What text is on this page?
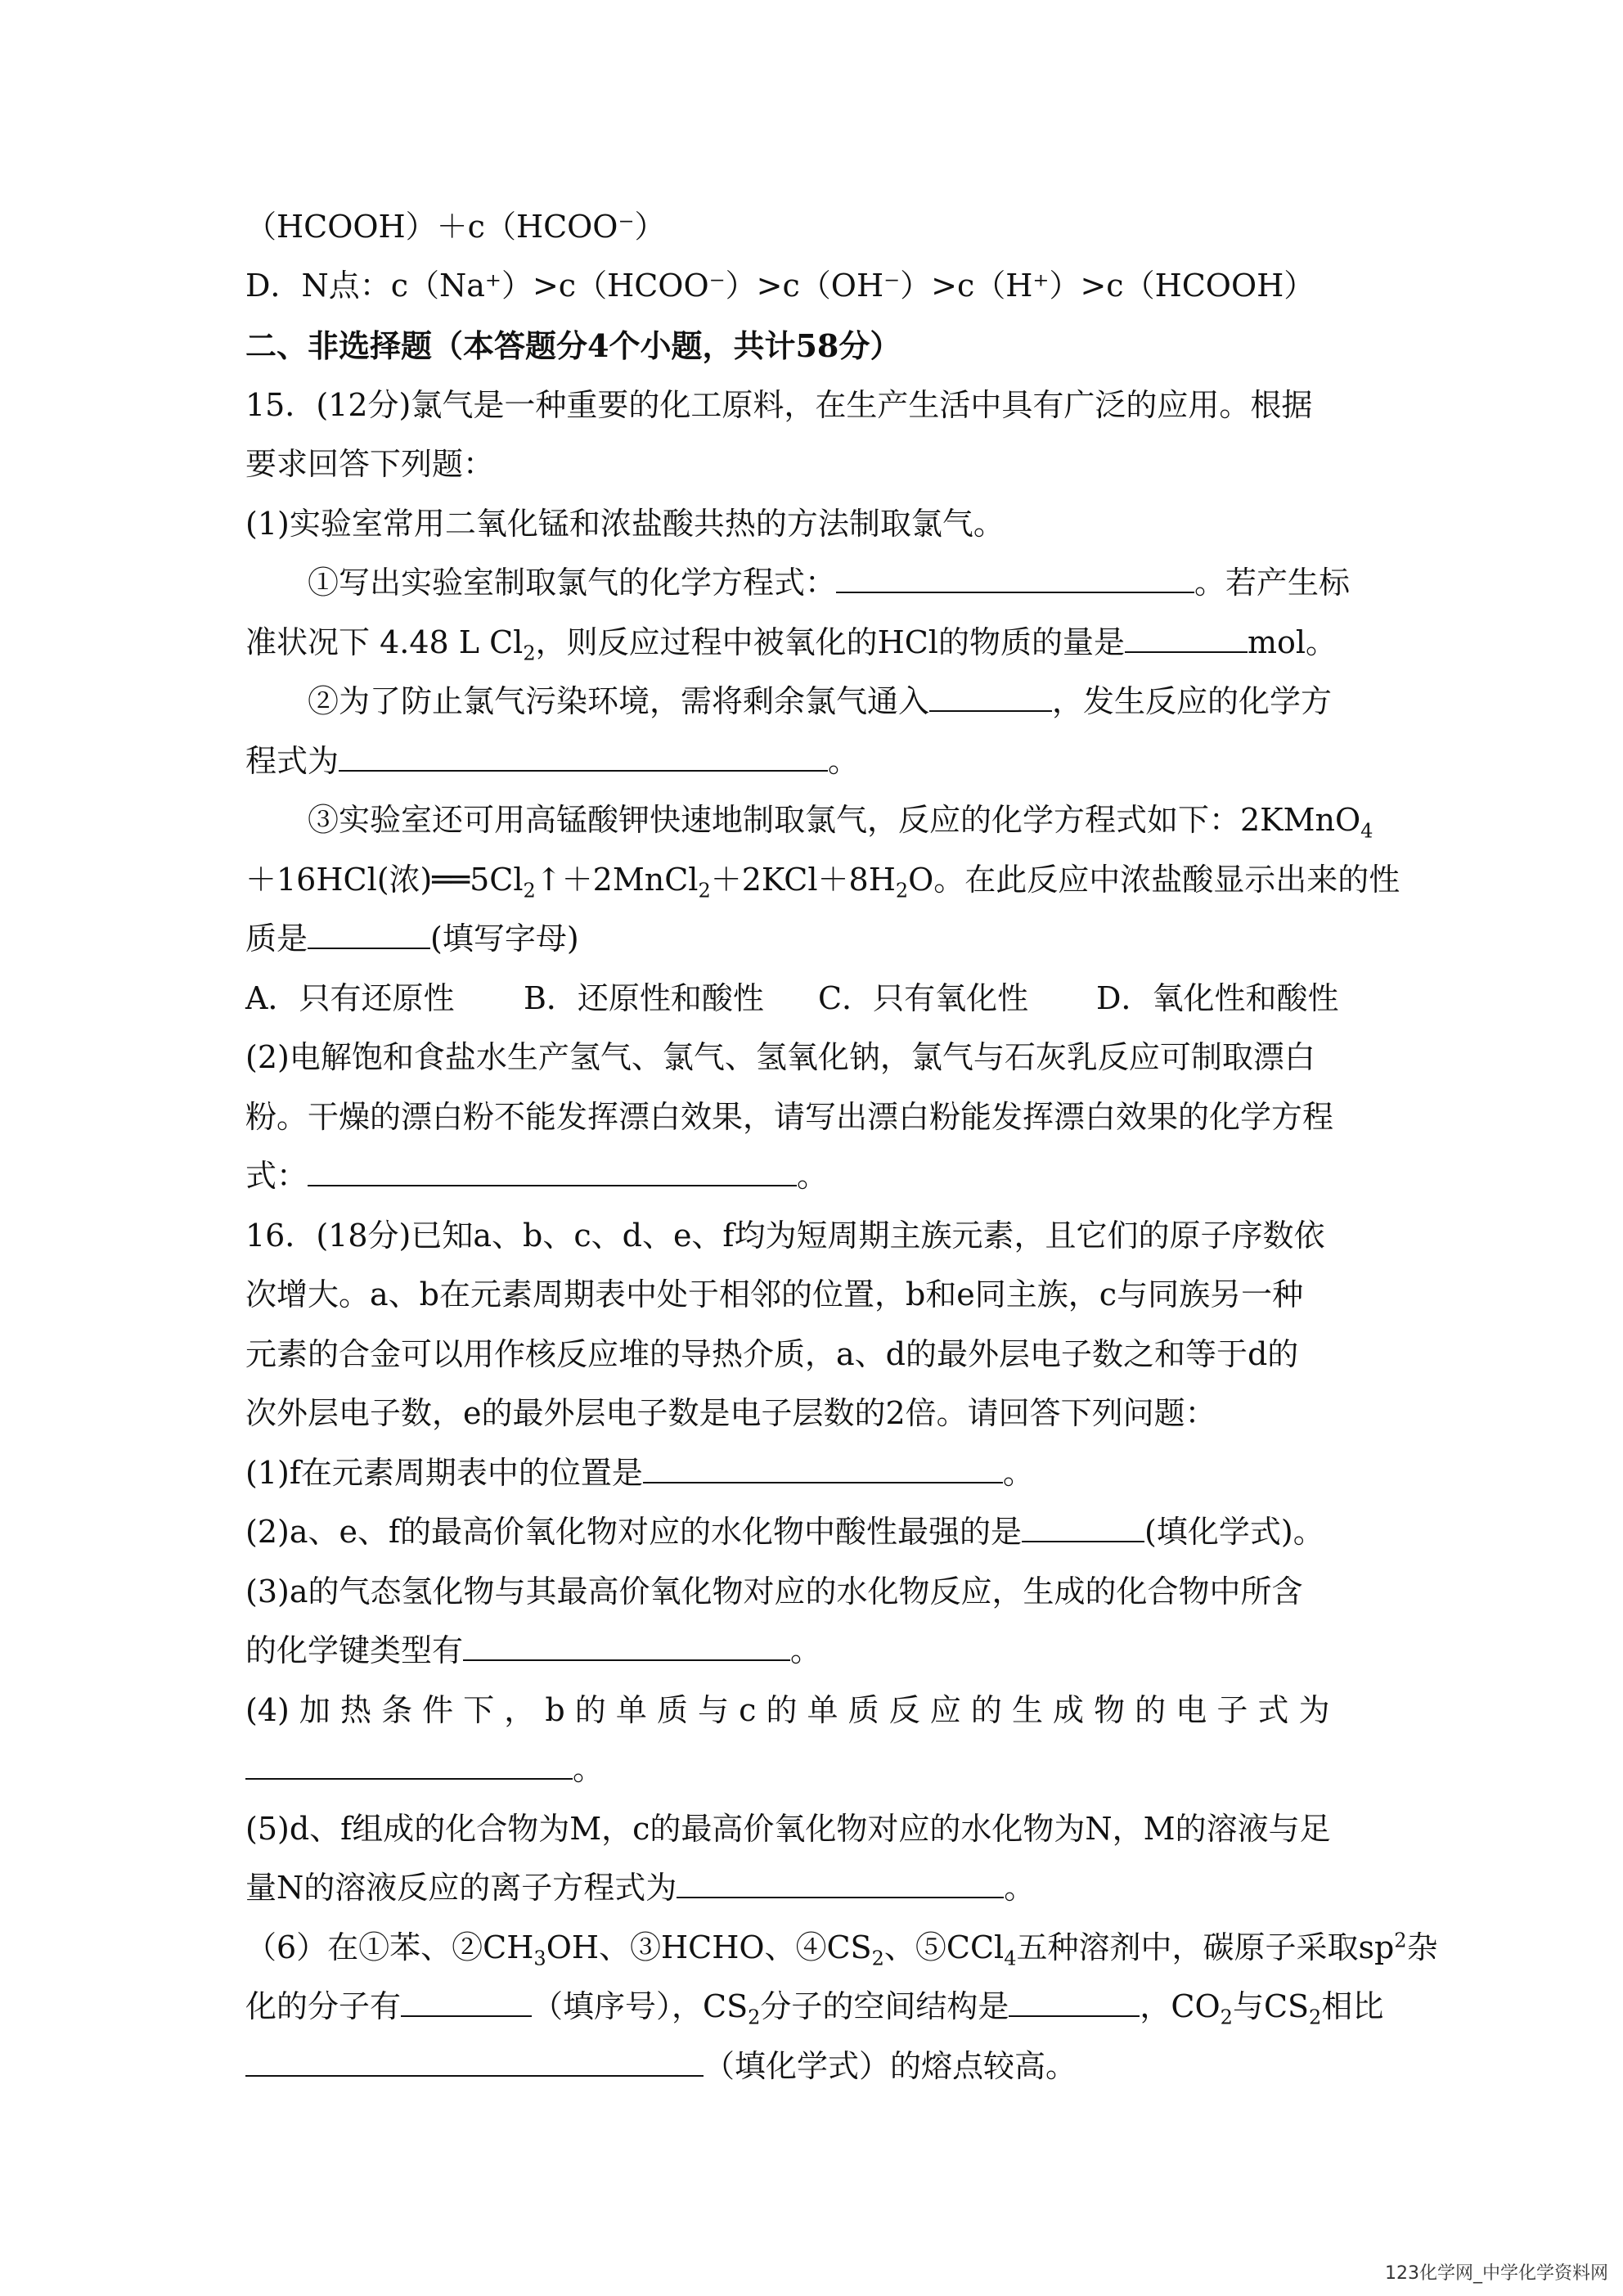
（HCOOH）＋c（HCOO⁻）
D．N点：c（Na⁺）>c（HCOO⁻）>c（OH⁻）>c（H⁺）>c（HCOOH）
二、非选择题（本答题分4个小题，共计58分）
15．(12分)氯气是一种重要的化工原料，在生产生活中具有广泛的应用。根据
要求回答下列题：
(1)实验室常用二氧化锰和浓盐酸共热的方法制取氯气。
①写出实验室制取氯气的化学方程式：	。若产生标
准状况下 4.48 L $Cl_2$，则反应过程中被氧化的HCl的物质的量是	mol。
②为了防止氯气污染环境，需将剩余氯气通入	，发生反应的化学方
程式为	。
③实验室还可用高锰酸钾快速地制取氯气，反应的化学方程式如下：2KMnO$_4$
＋16HCl(浓)$══5Cl_2↑+2MnCl_2+2KCl+8H_2O$。在此反应中浓盐酸显示出来的性
质是	(填写字母)
A．只有还原性 B．还原性和酸性 C．只有氧化性 D．氧化性和酸性
(2)电解饱和食盐水生产氢气、氯气、氢氧化钠，氯气与石灰乳反应可制取漂白
粉。干燥的漂白粉不能发挥漂白效果，请写出漂白粉能发挥漂白效果的化学方程
式：	。
16．(18分)已知a、b、c、d、e、f均为短周期主族元素，且它们的原子序数依
次增大。a、b在元素周期表中处于相邻的位置，b和e同主族，c与同族另一种
元素的合金可以用作核反应堆的导热介质，a、d的最外层电子数之和等于d的
次外层电子数，e的最外层电子数是电子层数的2倍。请回答下列问题：
(1)f在元素周期表中的位置是	。
(2)a、e、f的最高价氧化物对应的水化物中酸性最强的是	(填化学式)。
(3)a的气态氢化物与其最高价氧化物对应的水化物反应，生成的化合物中所含
的化学键类型有	。
(4) 加 热 条 件 下 ， b 的 单 质 与 c 的 单 质 反 应 的 生 成 物 的 电 子 式 为
。
(5)d、f组成的化合物为M，c的最高价氧化物对应的水化物为N，M的溶液与足
量N的溶液反应的离子方程式为	。
（6）在①苯、$②CH_3OH$、③HCHO、$④CS_2$、⑤CCl$_4$五种溶剂中，碳原子采取$sp^2$杂
化的分子有	（填序号），$CS_2$分子的空间结构是	，$CO_2$与$CS_2$相比
（填化学式）的熔点较高。
123化学网_中学化学资料网
